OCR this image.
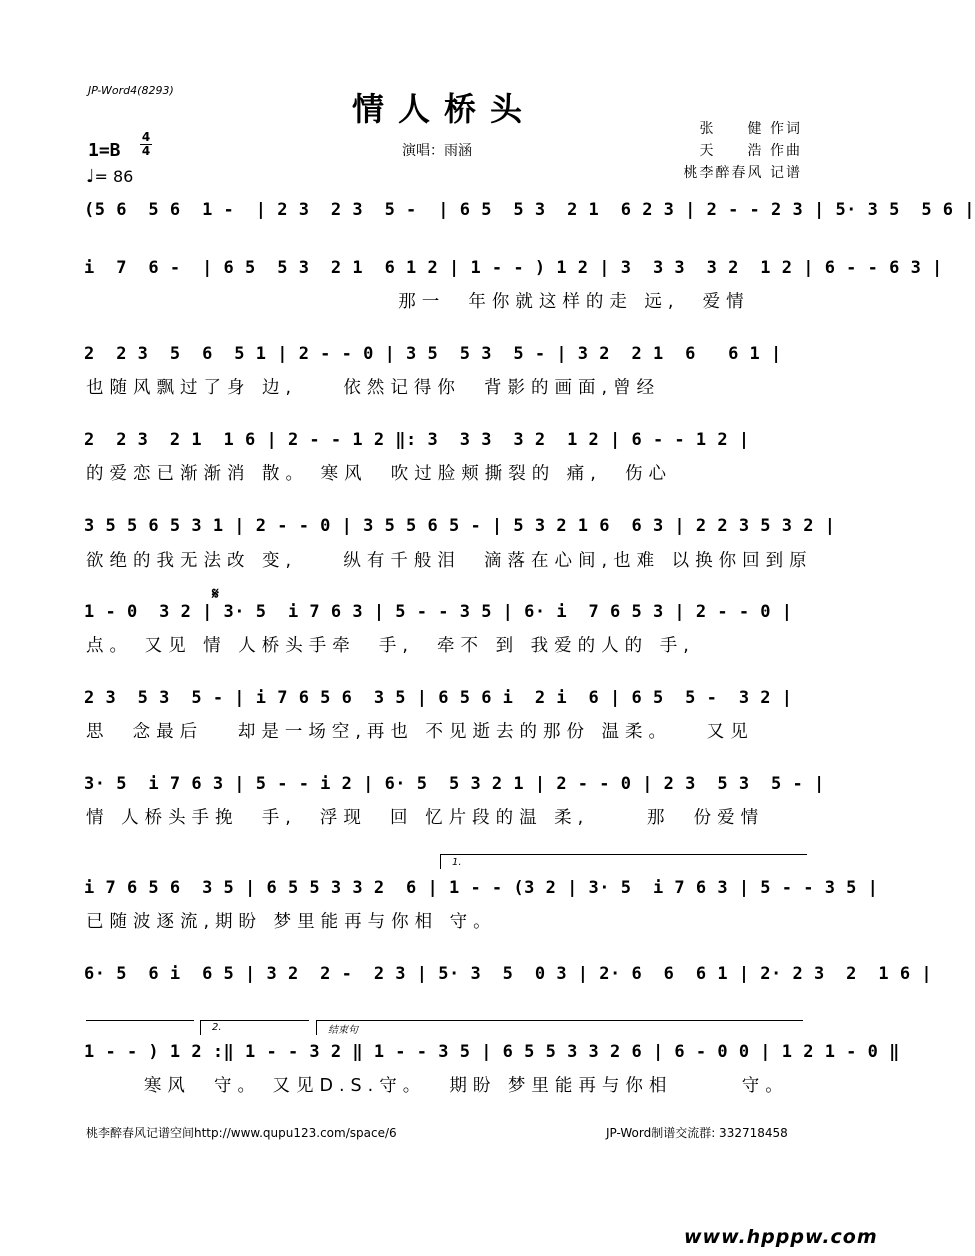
JP-Word4(8293)	情人桥头
演唱：雨涵
张　　健 作词
天　　浩 作曲
桃李醉春风 记谱
1=B
4
4
♩= 86
(5 6  5 6  1 -  | 2 3  2 3  5 -  | 6 5  5 3  2 1  6 2 3 | 2 - - 2 3 | 5· 3 5  5 6 |
i  7  6 -  | 6 5  5 3  2 1  6 1 2 | 1 - - ) 1 2 | 3  3 3  3 2  1 2 | 6 - - 6 3 |
那一  年你就这样的走 远,  爱情
2  2 3  5  6  5 1 | 2 - - 0 | 3 5  5 3  5 - | 3 2  2 1  6   6 1 |
也随风飘过了身 边,    依然记得你  背影的画面,曾经
2  2 3  2 1  1 6 | 2 - - 1 2 ‖: 3  3 3  3 2  1 2 | 6 - - 1 2 |
的爱恋已渐渐消 散。 寒风  吹过脸颊撕裂的 痛,  伤心
3 5 5 6 5 3 1 | 2 - - 0 | 3 5 5 6 5 - | 5 3 2 1 6  6 3 | 2 2 3 5 3 2 |
欲绝的我无法改 变,    纵有千般泪  滴落在心间,也难 以换你回到原
𝄋
1 - 0  3 2 | 3· 5  i 7 6 3 | 5 - - 3 5 | 6· i  7 6 5 3 | 2 - - 0 |
点。 又见 情 人桥头手牵  手,  牵不 到 我爱的人的 手,
2 3  5 3  5 - | i 7 6 5 6  3 5 | 6 5 6 i  2 i  6 | 6 5  5 -  3 2 |
思  念最后   却是一场空,再也 不见逝去的那份 温柔。   又见
3· 5  i 7 6 3 | 5 - - i 2 | 6· 5  5 3 2 1 | 2 - - 0 | 2 3  5 3  5 - |
情 人桥头手挽  手,  浮现  回 忆片段的温 柔,     那  份爱情
1.
i 7 6 5 6  3 5 | 6 5 5 3 3 2  6 | 1 - - (3 2 | 3· 5  i 7 6 3 | 5 - - 3 5 |
已随波逐流,期盼 梦里能再与你相 守。
6· 5  6 i  6 5 | 3 2  2 -  2 3 | 5· 3  5  0 3 | 2· 6  6  6 1 | 2· 2 3  2  1 6 |
2.	结束句
1 - - ) 1 2 :‖ 1 - - 3 2 ‖ 1 - - 3 5 | 6 5 5 3 3 2 6 | 6 - 0 0 | 1 2 1 - 0 ‖
寒风  守。 又见D.S.守。  期盼 梦里能再与你相      守。
桃李醉春风记谱空间http://www.qupu123.com/space/6	JP-Word制谱交流群: 332718458
www.hpppw.com
